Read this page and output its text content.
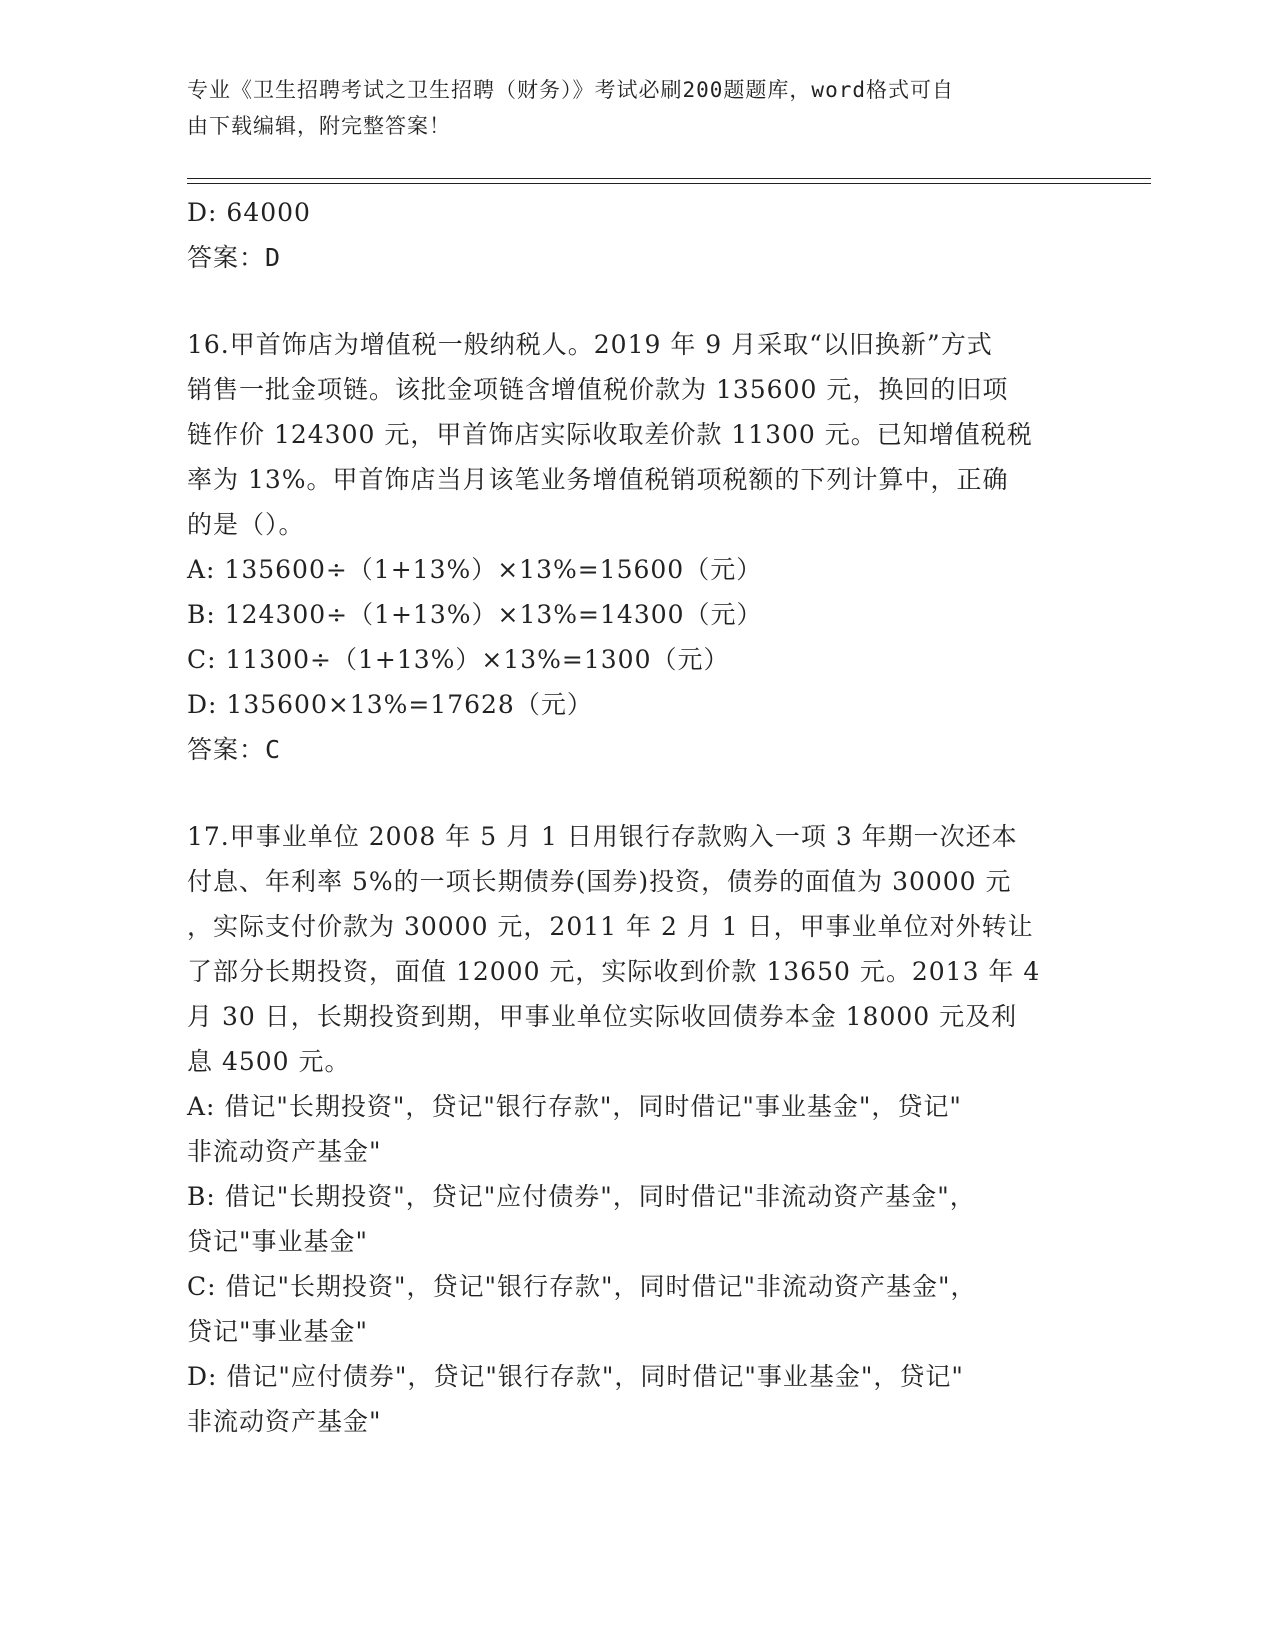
专业《卫生招聘考试之卫生招聘（财务）》考试必刷200题题库，word格式可自
由下载编辑，附完整答案！
D: 64000
答案：D
16.甲首饰店为增值税一般纳税人。2019 年 9 月采取“以旧换新”方式
销售一批金项链。该批金项链含增值税价款为 135600 元，换回的旧项
链作价 124300 元，甲首饰店实际收取差价款 11300 元。已知增值税税
率为 13%。甲首饰店当月该笔业务增值税销项税额的下列计算中，正确
的是（）。
A: 135600÷（1+13%）×13%=15600（元）
B: 124300÷（1+13%）×13%=14300（元）
C: 11300÷（1+13%）×13%=1300（元）
D: 135600×13%=17628（元）
答案：C
17.甲事业单位 2008 年 5 月 1 日用银行存款购入一项 3 年期一次还本
付息、年利率 5%的一项长期债券(国券)投资，债券的面值为 30000 元
，实际支付价款为 30000 元，2011 年 2 月 1 日，甲事业单位对外转让
了部分长期投资，面值 12000 元，实际收到价款 13650 元。2013 年 4
月 30 日，长期投资到期，甲事业单位实际收回债券本金 18000 元及利
息 4500 元。
A: 借记"长期投资"，贷记"银行存款"，同时借记"事业基金"，贷记"
非流动资产基金"
B: 借记"长期投资"，贷记"应付债券"，同时借记"非流动资产基金"，
贷记"事业基金"
C: 借记"长期投资"，贷记"银行存款"，同时借记"非流动资产基金"，
贷记"事业基金"
D: 借记"应付债券"，贷记"银行存款"，同时借记"事业基金"，贷记"
非流动资产基金"
